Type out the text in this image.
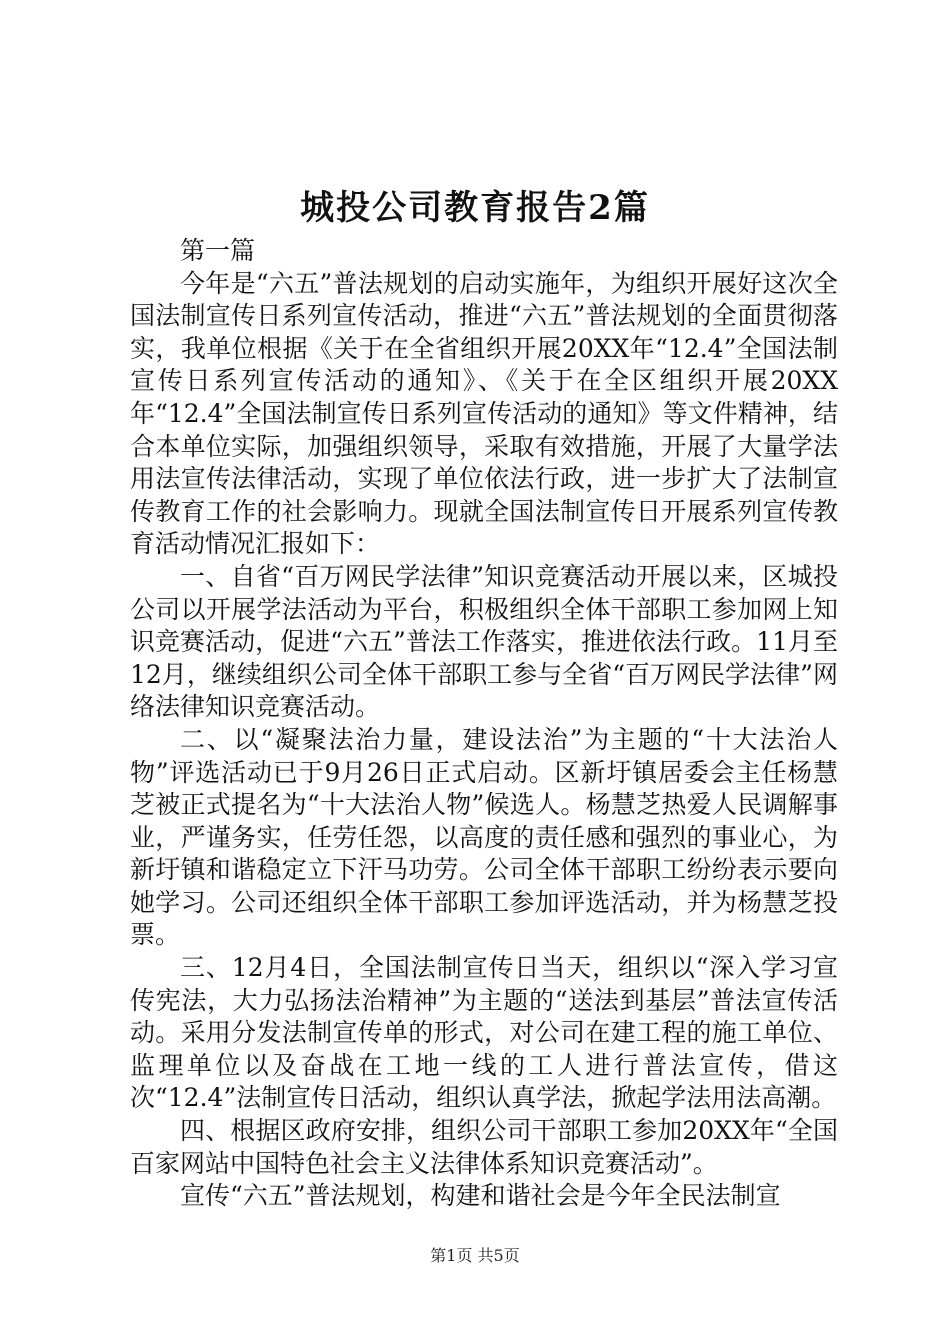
城投公司教育报告2篇

第一篇

今年是“六五”普法规划的启动实施年，为组织开展好这次全国法制宣传日系列宣传活动，推进“六五”普法规划的全面贯彻落实，我单位根据《关于在全省组织开展20XX年“12.4”全国法制宣传日系列宣传活动的通知》、《关于在全区组织开展20XX年“12.4”全国法制宣传日系列宣传活动的通知》等文件精神，结合本单位实际，加强组织领导，采取有效措施，开展了大量学法用法宣传法律活动，实现了单位依法行政，进一步扩大了法制宣传教育工作的社会影响力。现就全国法制宣传日开展系列宣传教育活动情况汇报如下：

一、自省“百万网民学法律”知识竞赛活动开展以来，区城投公司以开展学法活动为平台，积极组织全体干部职工参加网上知识竞赛活动，促进“六五”普法工作落实，推进依法行政。11月至12月，继续组织公司全体干部职工参与全省“百万网民学法律”网络法律知识竞赛活动。

二、以“凝聚法治力量，建设法治”为主题的“十大法治人物”评选活动已于9月26日正式启动。区新圩镇居委会主任杨慧芝被正式提名为“十大法治人物”候选人。杨慧芝热爱人民调解事业，严谨务实，任劳任怨，以高度的责任感和强烈的事业心，为新圩镇和谐稳定立下汗马功劳。公司全体干部职工纷纷表示要向她学习。公司还组织全体干部职工参加评选活动，并为杨慧芝投票。

三、12月4日，全国法制宣传日当天，组织以“深入学习宣传宪法，大力弘扬法治精神”为主题的“送法到基层”普法宣传活动。采用分发法制宣传单的形式，对公司在建工程的施工单位、监理单位以及奋战在工地一线的工人进行普法宣传，借这次“12.4”法制宣传日活动，组织认真学法，掀起学法用法高潮。

四、根据区政府安排，组织公司干部职工参加20XX年“全国百家网站中国特色社会主义法律体系知识竞赛活动”。

宣传“六五”普法规划，构建和谐社会是今年全民法制宣

第1页 共5页
